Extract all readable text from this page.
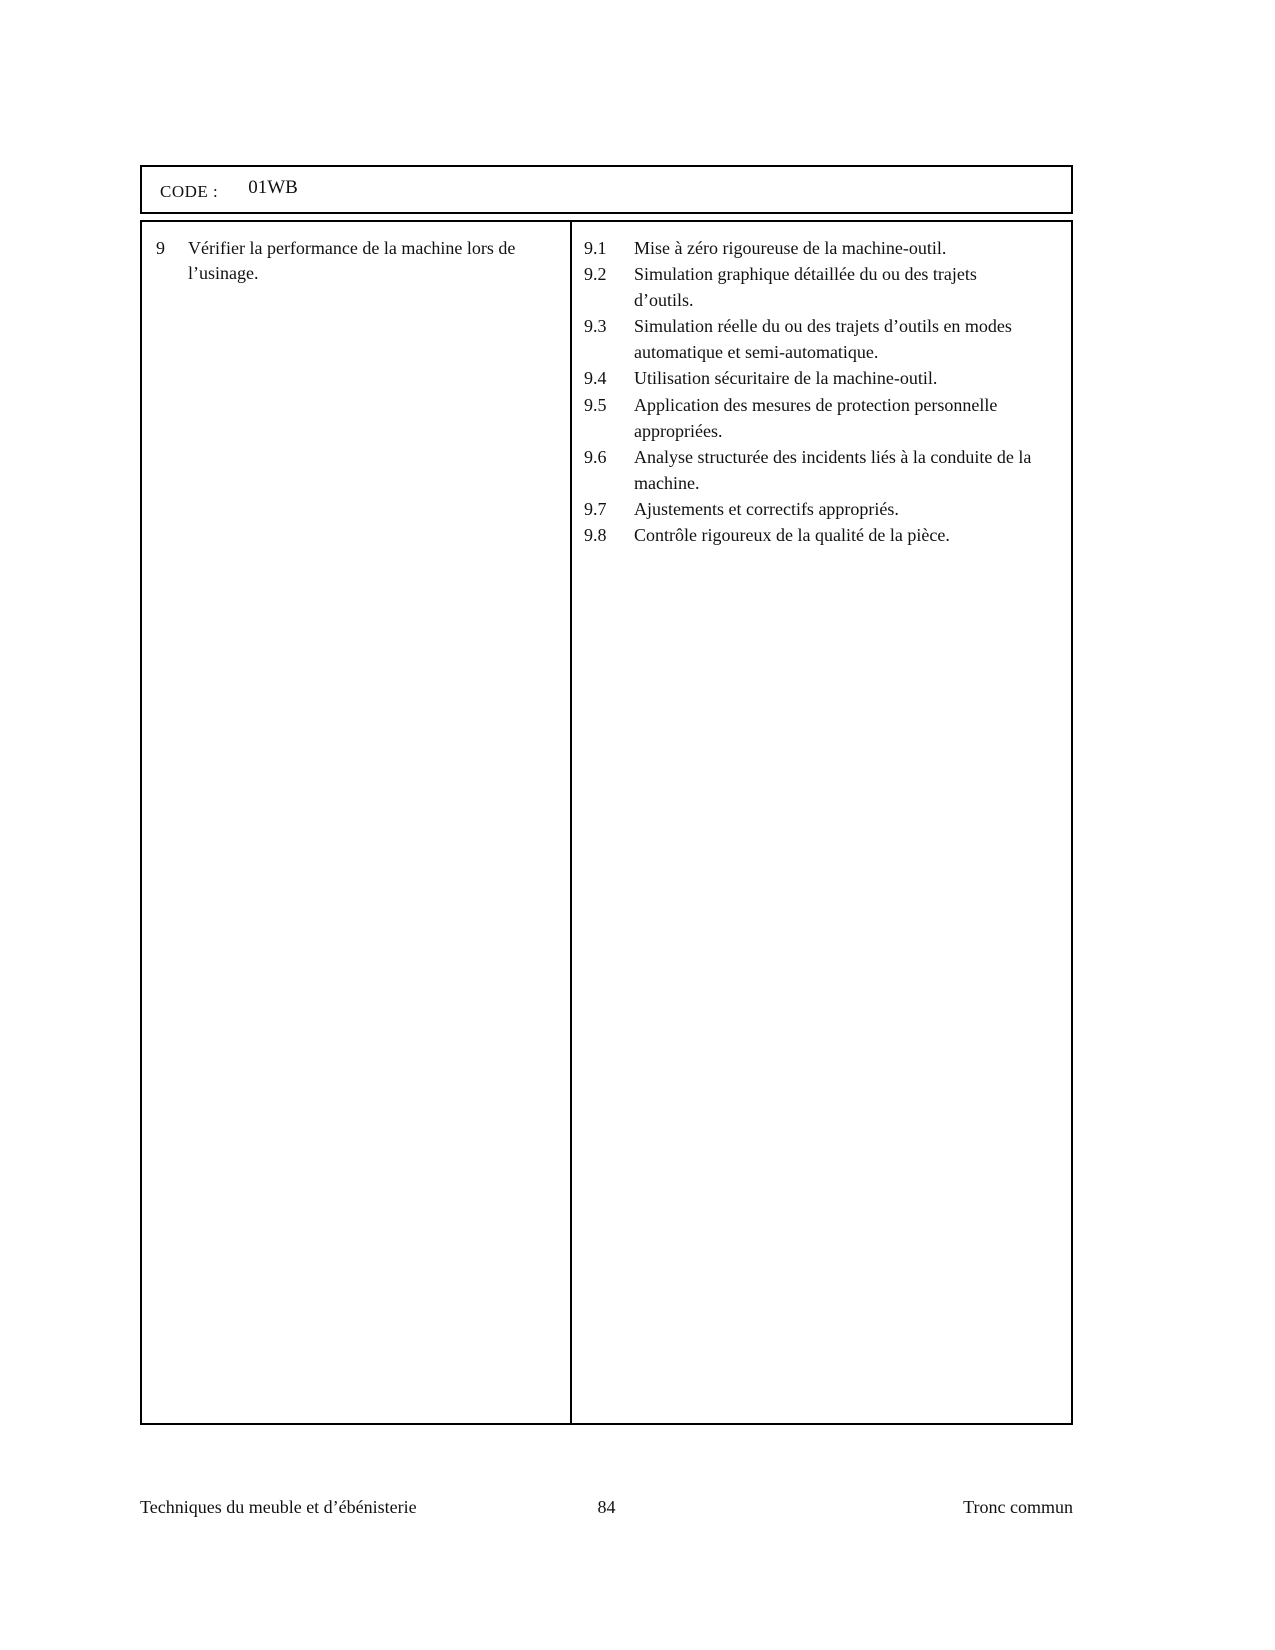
CODE : 01WB
9	Vérifier la performance de la machine lors de l’usinage.
9.1	Mise à zéro rigoureuse de la machine-outil.
9.2	Simulation graphique détaillée du ou des trajets d’outils.
9.3	Simulation réelle du ou des trajets d’outils en modes automatique et semi-automatique.
9.4	Utilisation sécuritaire de la machine-outil.
9.5	Application des mesures de protection personnelle appropriées.
9.6	Analyse structurée des incidents liés à la conduite de la machine.
9.7	Ajustements et correctifs appropriés.
9.8	Contrôle rigoureux de la qualité de la pièce.
Techniques du meuble et d’ébénisterie	84	Tronc commun
